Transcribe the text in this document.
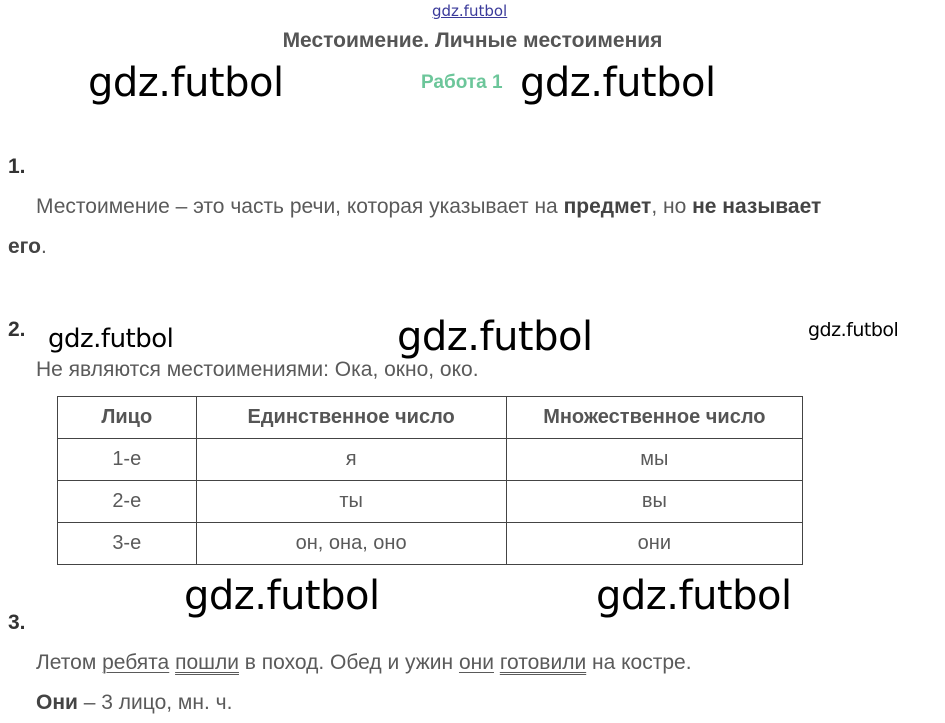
gdz.futbol
Местоимение. Личные местоимения
Работа 1
gdz.futbol	gdz.futbol
1.
Местоимение – это часть речи, которая указывает на предмет, но не называет
его.
2. gdz.futbol	gdz.futbol	gdz.futbol
Не являются местоимениями: Ока, окно, око.
Лицо	Единственное число	Множественное число
1-е	я	мы
2-е	ты	вы
3-е	он, она, оно	они
gdz.futbol	gdz.futbol
3.
Летом ребята пошли в поход. Обед и ужин они готовили на костре.
Они – 3 лицо, мн. ч.
